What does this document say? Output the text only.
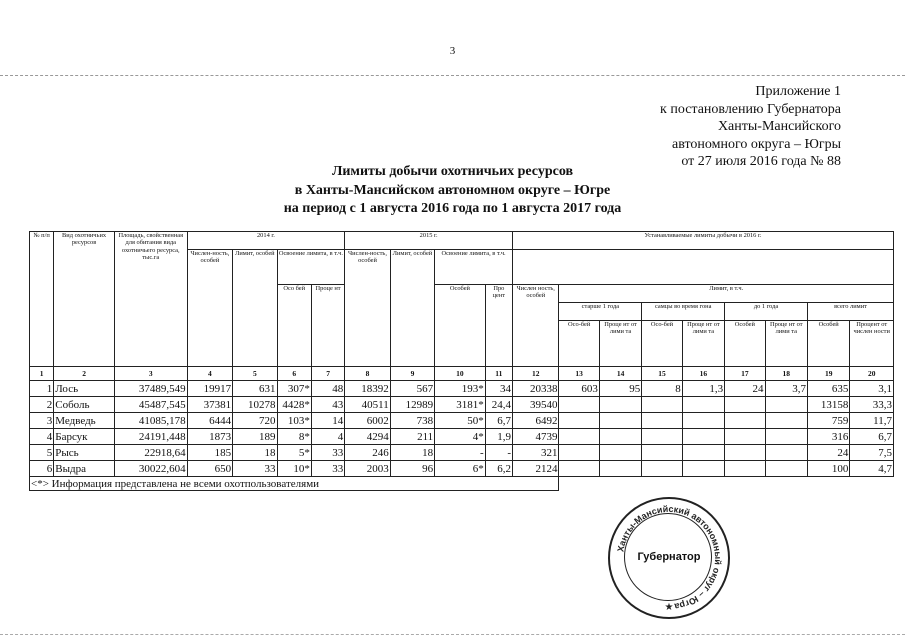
3
Приложение 1
к постановлению Губернатора
Ханты-Мансийского
автономного округа – Югры
от 27 июля 2016 года № 88
Лимиты добычи охотничьих ресурсов
в Ханты-Мансийском автономном округе – Югре
на период с 1 августа 2016 года по 1 августа 2017 года
№ п/п	Вид охотничьих ресурсов	Площадь, свойственная для обитания вида охотничьего ресурса, тыс.га	2014 г.				2015 г.				Устанавливаемые лимиты добычи в 2016 г.								
			Числен-ность, особей	Лимит, особей	Освоение лимита, в т.ч.		Числен-ность, особей	Лимит, особей	Освоение лимита, в т.ч.										
					Осо бей	Проце нт			Особей	Про цент	Числен ность, особей	Лимит, в т.ч.							
												старше 1 года		самцы во время гона		до 1 года		всего лимит	
												Осо-бей	Проце нт от лими та	Осо-бей	Проце нт от лими та	Особей	Проце нт от лими та	Особей	Процент от числен ности
1	2	3	4	5	6	7	8	9	10	11	12	13	14	15	16	17	18	19	20
1	Лось	37489,549	19917	631	307*	48	18392	567	193*	34	20338	603	95	8	1,3	24	3,7	635	3,1
2	Соболь	45487,545	37381	10278	4428*	43	40511	12989	3181*	24,4	39540							13158	33,3
3	Медведь	41085,178	6444	720	103*	14	6002	738	50*	6,7	6492							759	11,7
4	Барсук	24191,448	1873	189	8*	4	4294	211	4*	1,9	4739							316	6,7
5	Рысь	22918,64	185	18	5*	33	246	18	-	-	321							24	7,5
6	Выдра	30022,604	650	33	10*	33	2003	96	6*	6,2	2124							100	4,7
<*> Информация представлена не всеми охотпользователями																			
Ханты-Мансийский автономный округ – Югра
★
Губернатор
